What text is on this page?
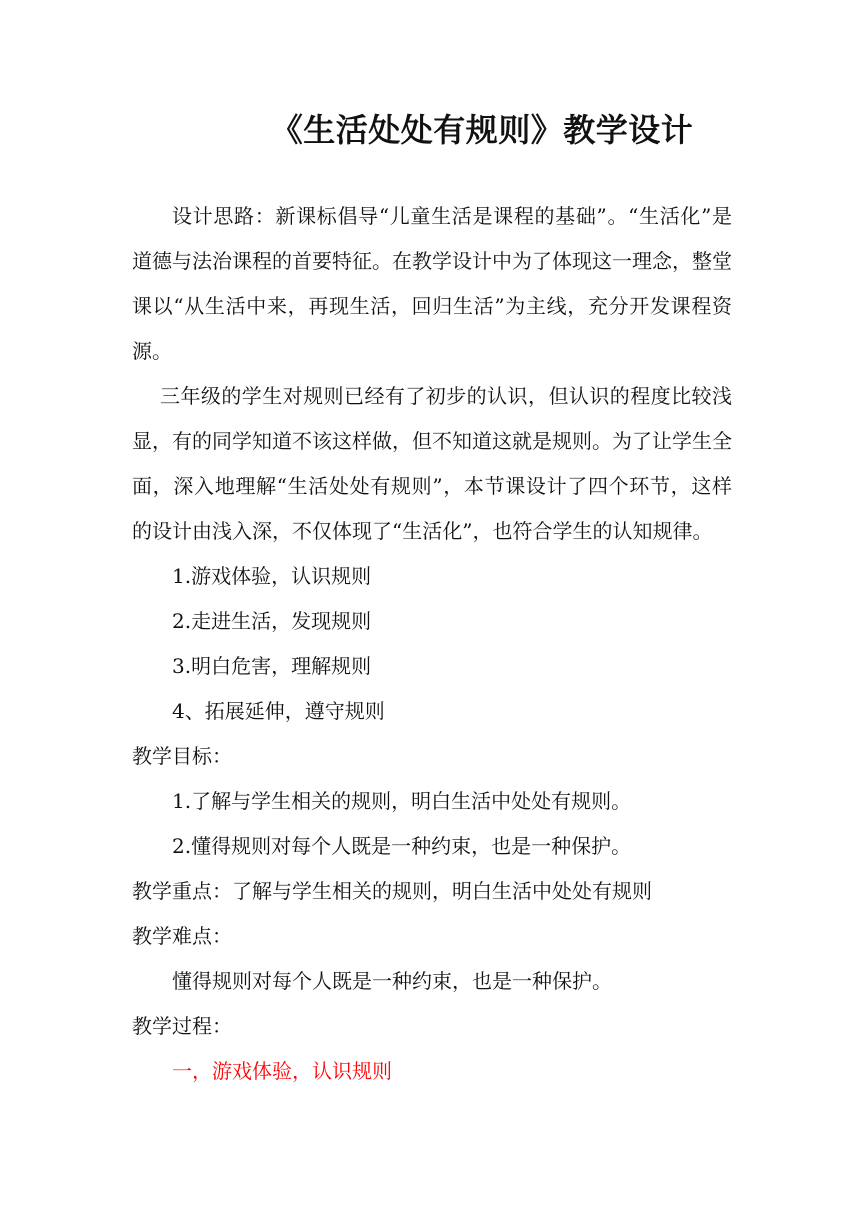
《生活处处有规则》教学设计

设计思路：新课标倡导“儿童生活是课程的基础”。“生活化”是道德与法治课程的首要特征。在教学设计中为了体现这一理念，整堂课以“从生活中来，再现生活，回归生活”为主线，充分开发课程资源。

三年级的学生对规则已经有了初步的认识，但认识的程度比较浅显，有的同学知道不该这样做，但不知道这就是规则。为了让学生全面，深入地理解“生活处处有规则”，本节课设计了四个环节，这样的设计由浅入深，不仅体现了“生活化”，也符合学生的认知规律。

1.游戏体验，认识规则

2.走进生活，发现规则

3.明白危害，理解规则

4、拓展延伸，遵守规则

教学目标：

1.了解与学生相关的规则，明白生活中处处有规则。

2.懂得规则对每个人既是一种约束，也是一种保护。

教学重点：了解与学生相关的规则，明白生活中处处有规则

教学难点：

懂得规则对每个人既是一种约束，也是一种保护。

教学过程：

一，游戏体验，认识规则
